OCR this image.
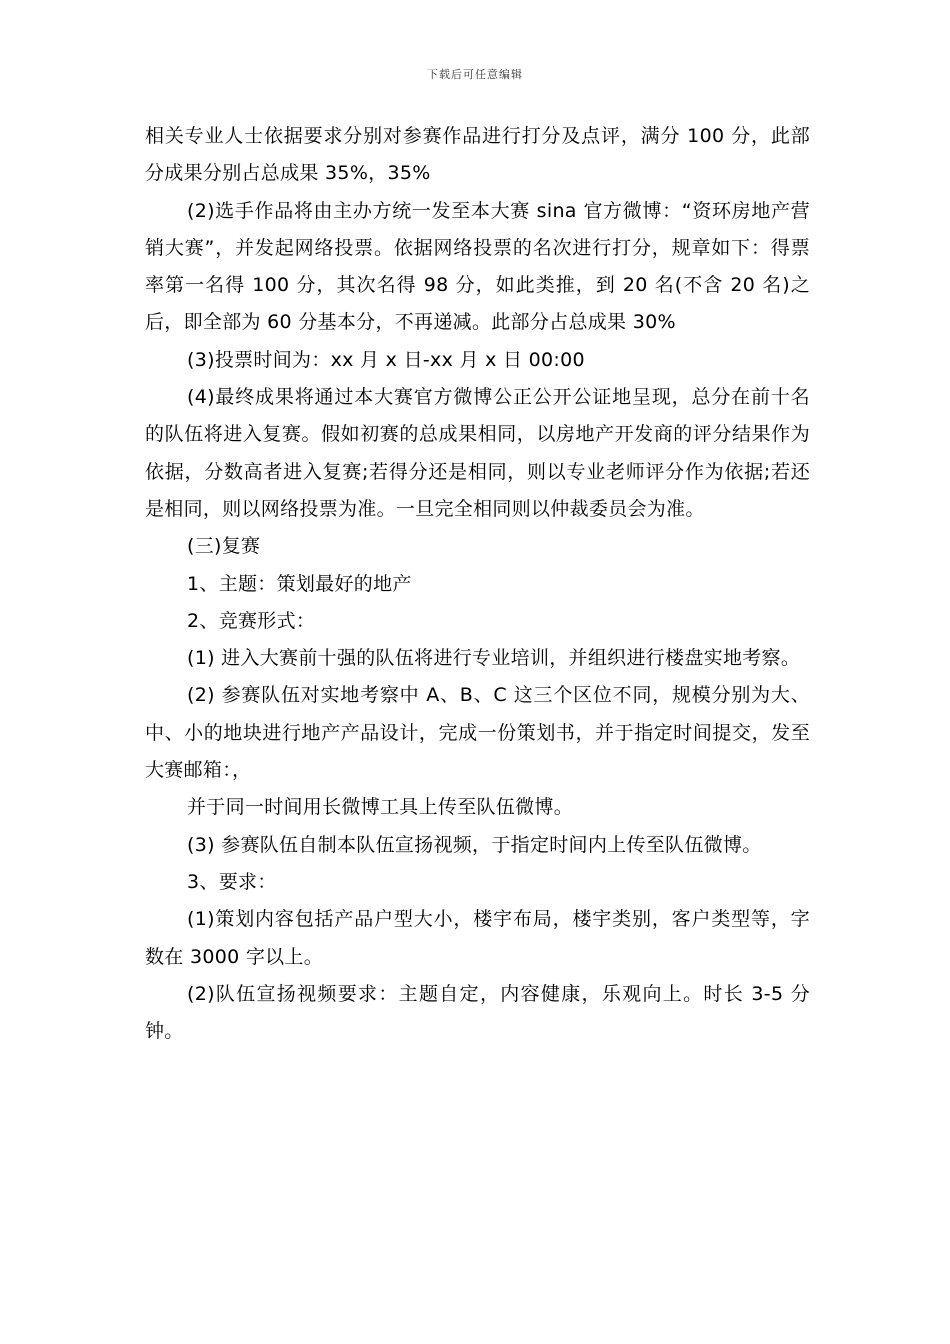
下载后可任意编辑

相关专业人士依据要求分别对参赛作品进行打分及点评，满分 100 分，此部分成果分别占总成果 35%，35%

(2)选手作品将由主办方统一发至本大赛 sina 官方微博：“资环房地产营销大赛”，并发起网络投票。依据网络投票的名次进行打分，规章如下：得票率第一名得 100 分，其次名得 98 分，如此类推，到 20 名(不含 20 名)之后，即全部为 60 分基本分，不再递减。此部分占总成果 30%

(3)投票时间为：xx 月 x 日-xx 月 x 日 00:00

(4)最终成果将通过本大赛官方微博公正公开公证地呈现，总分在前十名的队伍将进入复赛。假如初赛的总成果相同，以房地产开发商的评分结果作为依据，分数高者进入复赛;若得分还是相同，则以专业老师评分作为依据;若还是相同，则以网络投票为准。一旦完全相同则以仲裁委员会为准。

(三)复赛

1、主题：策划最好的地产

2、竞赛形式：

(1) 进入大赛前十强的队伍将进行专业培训，并组织进行楼盘实地考察。

(2) 参赛队伍对实地考察中 A、B、C 这三个区位不同，规模分别为大、中、小的地块进行地产产品设计，完成一份策划书，并于指定时间提交，发至大赛邮箱：，

并于同一时间用长微博工具上传至队伍微博。

(3) 参赛队伍自制本队伍宣扬视频，于指定时间内上传至队伍微博。

3、要求：

(1)策划内容包括产品户型大小，楼宇布局，楼宇类别，客户类型等，字数在 3000 字以上。

(2)队伍宣扬视频要求：主题自定，内容健康，乐观向上。时长 3-5 分钟。
